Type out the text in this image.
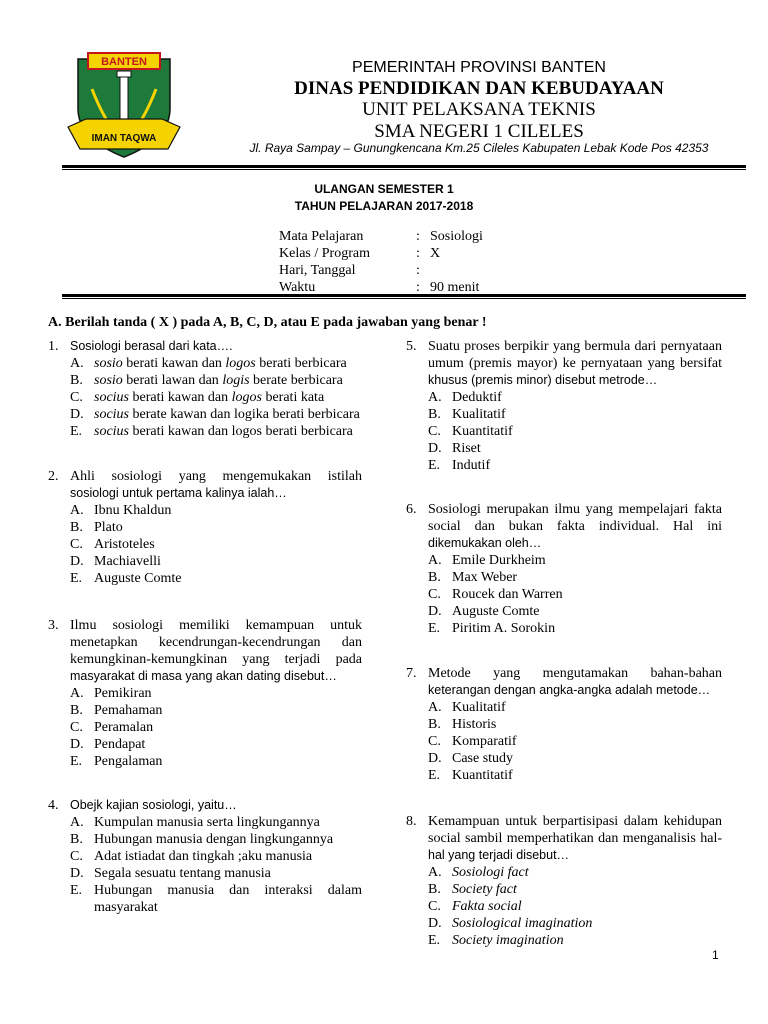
BANTEN
IMAN TAQWA
PEMERINTAH PROVINSI BANTEN
DINAS PENDIDIKAN DAN KEBUDAYAAN
UNIT PELAKSANA TEKNIS
SMA NEGERI 1 CILELES
Jl. Raya Sampay – Gunungkencana Km.25 Cileles Kabupaten Lebak Kode Pos 42353
ULANGAN SEMESTER 1
TAHUN PELAJARAN 2017-2018
Mata Pelajaran	: Sosiologi
Kelas / Program	: X
Hari, Tanggal	:
Waktu	: 90 menit
A. Berilah tanda ( X ) pada A, B, C, D, atau E pada jawaban yang benar !
1. Sosiologi berasal dari kata….
A. sosio berati kawan dan logos berati berbicara
B. sosio berati lawan dan logis berate berbicara
C. socius berati kawan dan logos berati kata
D. socius berate kawan dan logika berati berbicara
E. socius berati kawan dan logos berati berbicara
2. Ahli sosiologi yang mengemukakan istilah
sosiologi untuk pertama kalinya ialah…
A. Ibnu Khaldun
B. Plato
C. Aristoteles
D. Machiavelli
E. Auguste Comte
3. Ilmu sosiologi memiliki kemampuan untuk
menetapkan kecendrungan-kecendrungan dan
kemungkinan-kemungkinan yang terjadi pada
masyarakat di masa yang akan dating disebut…
A. Pemikiran
B. Pemahaman
C. Peramalan
D. Pendapat
E. Pengalaman
4. Obejk kajian sosiologi, yaitu…
A. Kumpulan manusia serta lingkungannya
B. Hubungan manusia dengan lingkungannya
C. Adat istiadat dan tingkah ;aku manusia
D. Segala sesuatu tentang manusia
E. Hubungan manusia dan interaksi dalam
masyarakat
5. Suatu proses berpikir yang bermula dari pernyataan
umum (premis mayor) ke pernyataan yang bersifat
khusus (premis minor) disebut metrode…
A. Deduktif
B. Kualitatif
C. Kuantitatif
D. Riset
E. Indutif
6. Sosiologi merupakan ilmu yang mempelajari fakta
social dan bukan fakta individual. Hal ini
dikemukakan oleh…
A. Emile Durkheim
B. Max Weber
C. Roucek dan Warren
D. Auguste Comte
E. Piritim A. Sorokin
7. Metode yang mengutamakan bahan-bahan
keterangan dengan angka-angka adalah metode…
A. Kualitatif
B. Historis
C. Komparatif
D. Case study
E. Kuantitatif
8. Kemampuan untuk berpartisipasi dalam kehidupan
social sambil memperhatikan dan menganalisis hal-
hal yang terjadi disebut…
A. Sosiologi fact
B. Society fact
C. Fakta social
D. Sosiological imagination
E. Society imagination
1
